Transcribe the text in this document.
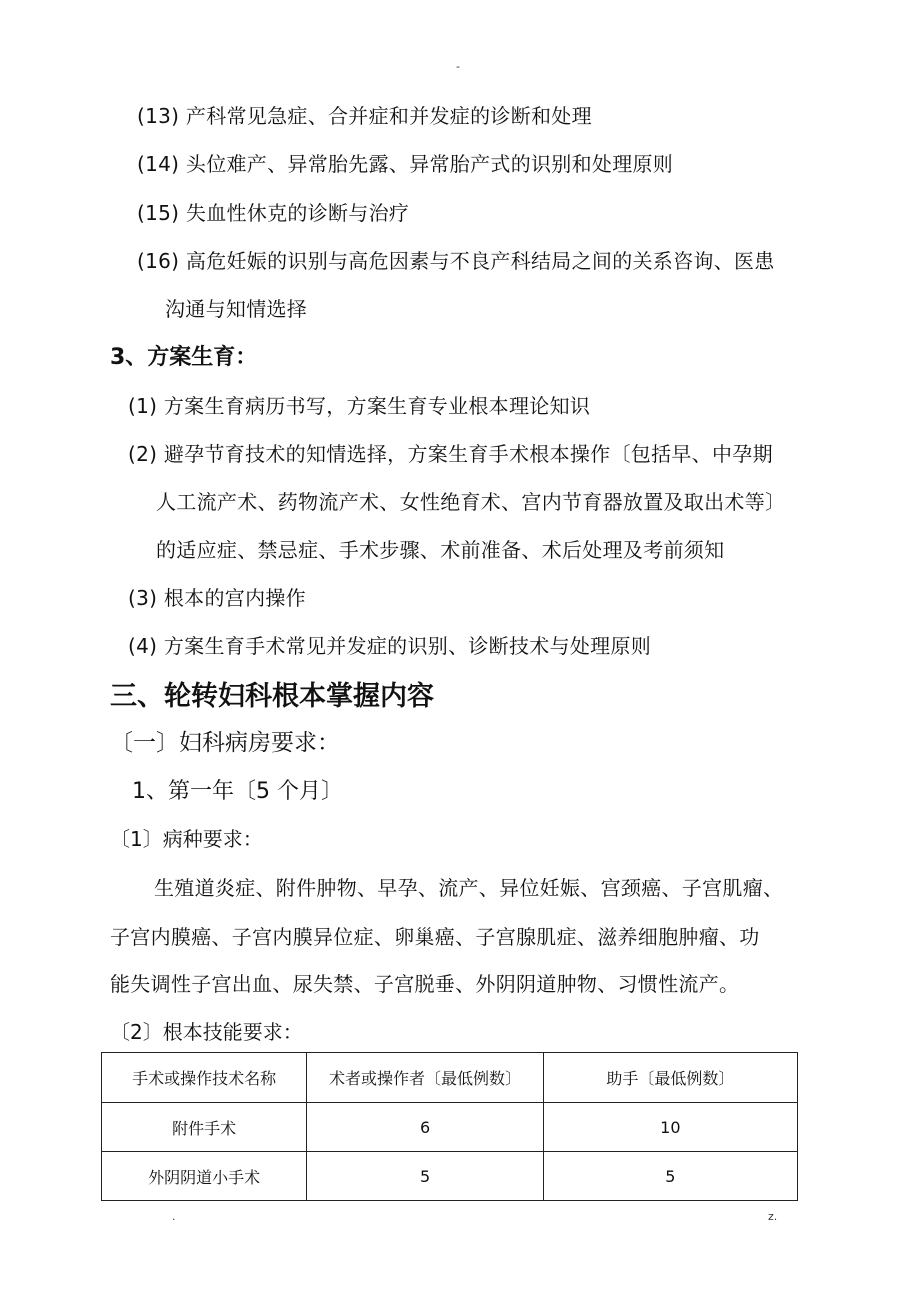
-
(13) 产科常见急症、合并症和并发症的诊断和处理
(14) 头位难产、异常胎先露、异常胎产式的识别和处理原则
(15) 失血性休克的诊断与治疗
(16) 高危妊娠的识别与高危因素与不良产科结局之间的关系咨询、医患
沟通与知情选择
3、方案生育：
(1) 方案生育病历书写，方案生育专业根本理论知识
(2) 避孕节育技术的知情选择，方案生育手术根本操作〔包括早、中孕期
人工流产术、药物流产术、女性绝育术、宫内节育器放置及取出术等〕
的适应症、禁忌症、手术步骤、术前准备、术后处理及考前须知
(3) 根本的宫内操作
(4) 方案生育手术常见并发症的识别、诊断技术与处理原则
三、轮转妇科根本掌握内容
〔一〕妇科病房要求：
1、第一年〔5 个月〕
〔1〕病种要求：
生殖道炎症、附件肿物、早孕、流产、异位妊娠、宫颈癌、子宫肌瘤、
子宫内膜癌、子宫内膜异位症、卵巢癌、子宫腺肌症、滋养细胞肿瘤、功
能失调性子宫出血、尿失禁、子宫脱垂、外阴阴道肿物、习惯性流产。
〔2〕根本技能要求：
手术或操作技术名称	术者或操作者〔最低例数〕	助手〔最低例数〕
附件手术	6	10
外阴阴道小手术	5	5
.	z.
